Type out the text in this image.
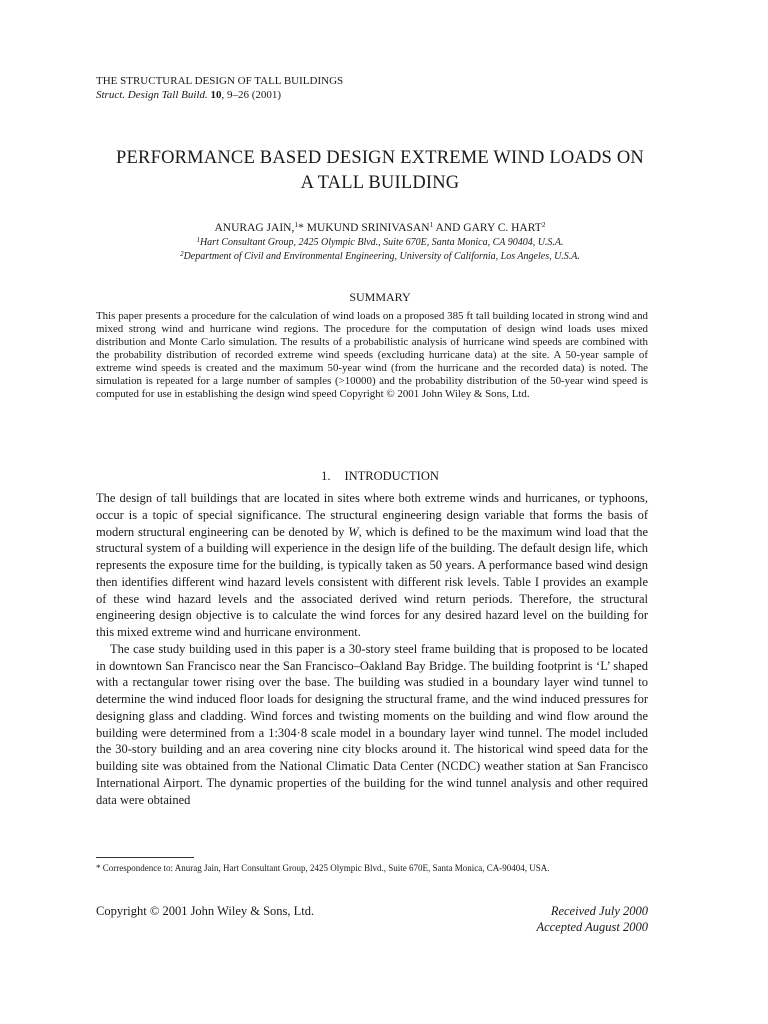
THE STRUCTURAL DESIGN OF TALL BUILDINGS
Struct. Design Tall Build. 10, 9–26 (2001)
PERFORMANCE BASED DESIGN EXTREME WIND LOADS ON
A TALL BUILDING
ANURAG JAIN,$^1$* MUKUND SRINIVASAN$^1$ AND GARY C. HART$^2$
$^1$Hart Consultant Group, 2425 Olympic Blvd., Suite 670E, Santa Monica, CA 90404, U.S.A.
$^2$Department of Civil and Environmental Engineering, University of California, Los Angeles, U.S.A.
SUMMARY

This paper presents a procedure for the calculation of wind loads on a proposed 385 ft tall building located in strong wind and mixed strong wind and hurricane wind regions. The procedure for the computation of design wind loads uses mixed distribution and Monte Carlo simulation. The results of a probabilistic analysis of hurricane wind speeds are combined with the probability distribution of recorded extreme wind speeds (excluding hurricane data) at the site. A 50-year sample of extreme wind speeds is created and the maximum 50-year wind (from the hurricane and the recorded data) is noted. The simulation is repeated for a large number of samples (>10000) and the probability distribution of the 50-year wind speed is computed for use in establishing the design wind speed Copyright © 2001 John Wiley & Sons, Ltd.

1. INTRODUCTION

The design of tall buildings that are located in sites where both extreme winds and hurricanes, or typhoons, occur is a topic of special significance. The structural engineering design variable that forms the basis of modern structural engineering can be denoted by W, which is defined to be the maximum wind load that the structural system of a building will experience in the design life of the building. The default design life, which represents the exposure time for the building, is typically taken as 50 years. A performance based wind design then identifies different wind hazard levels consistent with different risk levels. Table I provides an example of these wind hazard levels and the associated derived wind return periods. Therefore, the structural engineering design objective is to calculate the wind forces for any desired hazard level on the building for this mixed extreme wind and hurricane environment.

The case study building used in this paper is a 30-story steel frame building that is proposed to be located in downtown San Francisco near the San Francisco–Oakland Bay Bridge. The building footprint is ‘L’ shaped with a rectangular tower rising over the base. The building was studied in a boundary layer wind tunnel to determine the wind induced floor loads for designing the structural frame, and the wind induced pressures for designing glass and cladding. Wind forces and twisting moments on the building and wind flow around the building were determined from a 1:304·8 scale model in a boundary layer wind tunnel. The model included the 30-story building and an area covering nine city blocks around it. The historical wind speed data for the building site was obtained from the National Climatic Data Center (NCDC) weather station at San Francisco International Airport. The dynamic properties of the building for the wind tunnel analysis and other required data were obtained

* Correspondence to: Anurag Jain, Hart Consultant Group, 2425 Olympic Blvd., Suite 670E, Santa Monica, CA-90404, USA.
Copyright © 2001 John Wiley & Sons, Ltd.	Received July 2000
Accepted August 2000
